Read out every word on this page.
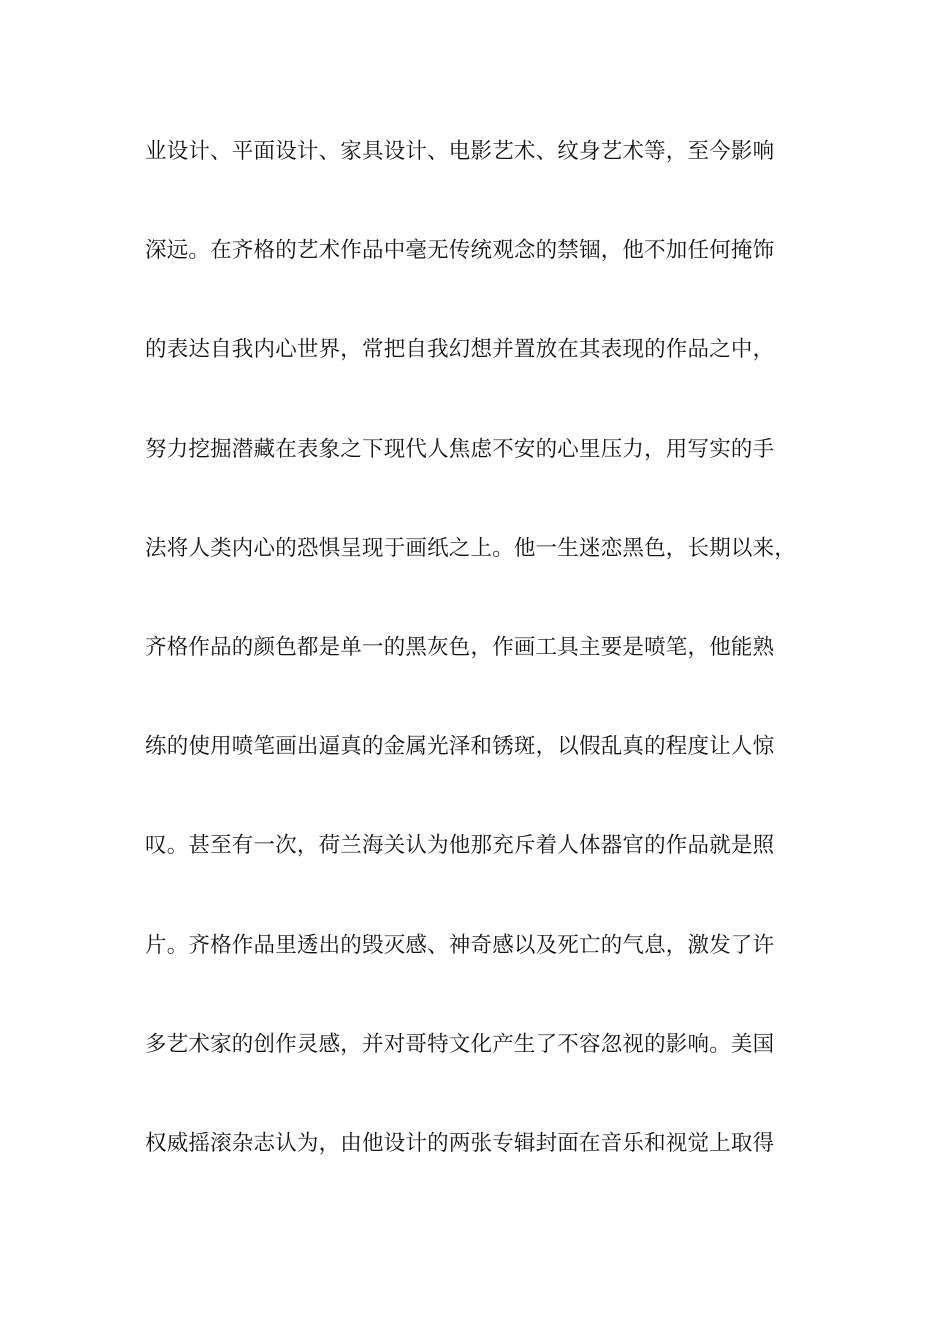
业设计、平面设计、家具设计、电影艺术、纹身艺术等，至今影响
深远。在齐格的艺术作品中毫无传统观念的禁锢，他不加任何掩饰
的表达自我内心世界，常把自我幻想并置放在其表现的作品之中，
努力挖掘潜藏在表象之下现代人焦虑不安的心里压力，用写实的手
法将人类内心的恐惧呈现于画纸之上。他一生迷恋黑色，长期以来，
齐格作品的颜色都是单一的黑灰色，作画工具主要是喷笔，他能熟
练的使用喷笔画出逼真的金属光泽和锈斑，以假乱真的程度让人惊
叹。甚至有一次，荷兰海关认为他那充斥着人体器官的作品就是照
片。齐格作品里透出的毁灭感、神奇感以及死亡的气息，激发了许
多艺术家的创作灵感，并对哥特文化产生了不容忽视的影响。美国
权威摇滚杂志认为，由他设计的两张专辑封面在音乐和视觉上取得
